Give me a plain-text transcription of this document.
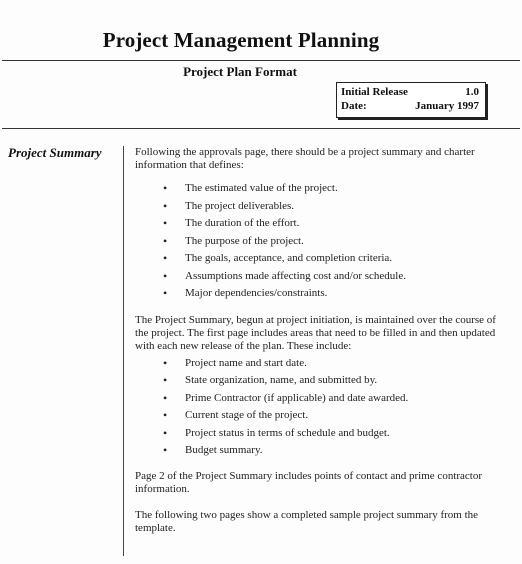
Project Management Planning
Project Plan Format
Initial Release	1.0
Date:	January 1997
Project Summary	Following the approvals page, there should be a project summary and charter information that defines:

• The estimated value of the project.
• The project deliverables.
• The duration of the effort.
• The purpose of the project.
• The goals, acceptance, and completion criteria.
• Assumptions made affecting cost and/or schedule.
• Major dependencies/constraints.

The Project Summary, begun at project initiation, is maintained over the course of the project. The first page includes areas that need to be filled in and then updated with each new release of the plan. These include:

• Project name and start date.
• State organization, name, and submitted by.
• Prime Contractor (if applicable) and date awarded.
• Current stage of the project.
• Project status in terms of schedule and budget.
• Budget summary.

Page 2 of the Project Summary includes points of contact and prime contractor information.

The following two pages show a completed sample project summary from the template.
